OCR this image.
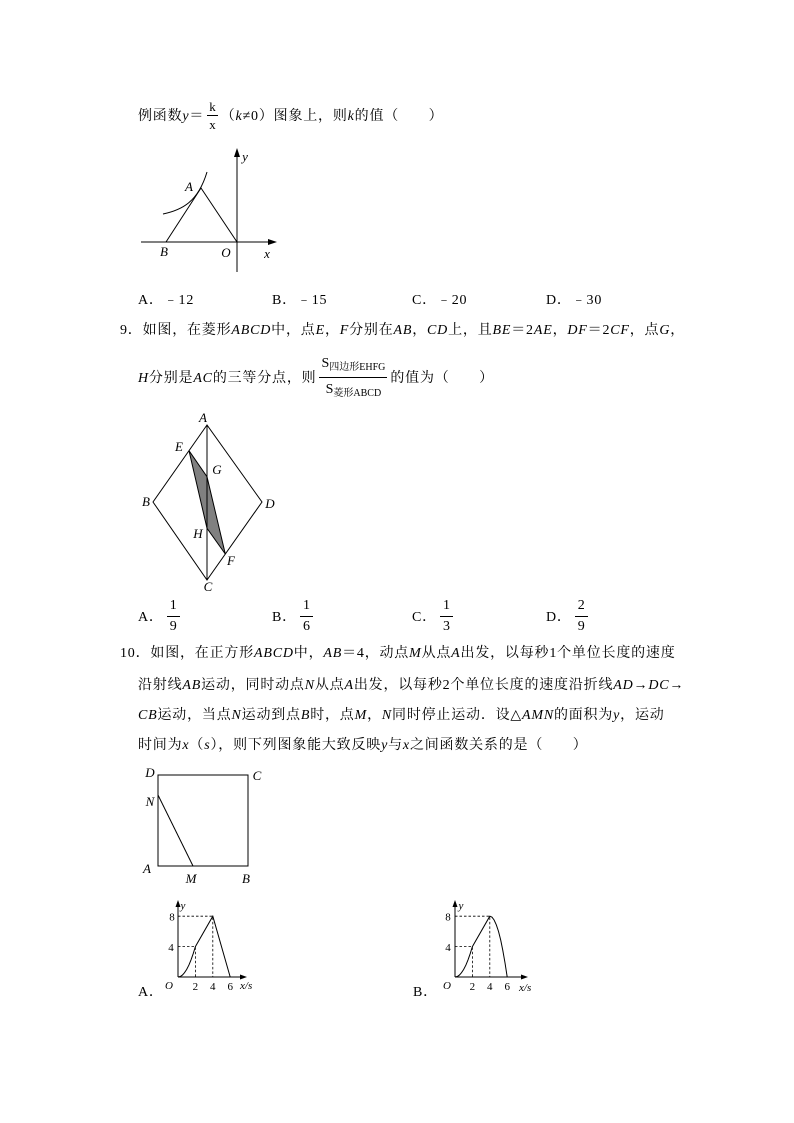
例函数$y= \frac{k}{x} (k\ne 0)$图象上，则k的值（　　）
y
A
B	O	x
A． ﹣12	B． ﹣15	C． ﹣20	D． ﹣30
9．如图，在菱形ABCD中，点E，F分别在AB，CD上，且BE＝2AE，DF＝2CF，点G，
H分别是AC的三等分点，则 $\frac{S_{四边形EHFG}}{S_{菱形ABCD}}$ 的值为（　　）
A
E
G
B	D
H
F
C
A． $\frac{1}{9}$	B． $\frac{1}{6}$	C． $\frac{1}{3}$	D． $\frac{2}{9}$
10．如图，在正方形ABCD中，AB＝4，动点M从点A出发，以每秒1个单位长度的速度
沿射线AB运动，同时动点N从点A出发，以每秒2个单位长度的速度沿折线AD→DC→
CB运动，当点N运动到点B时，点M，N同时停止运动．设△AMN的面积为y，运动
时间为x（s），则下列图象能大致反映y与x之间函数关系的是（　　）
D	C
N
A
M	B
A．
y
8
4
O 2 4 6 x/s	B．
y
8
4
O 2 4 6 x/s
